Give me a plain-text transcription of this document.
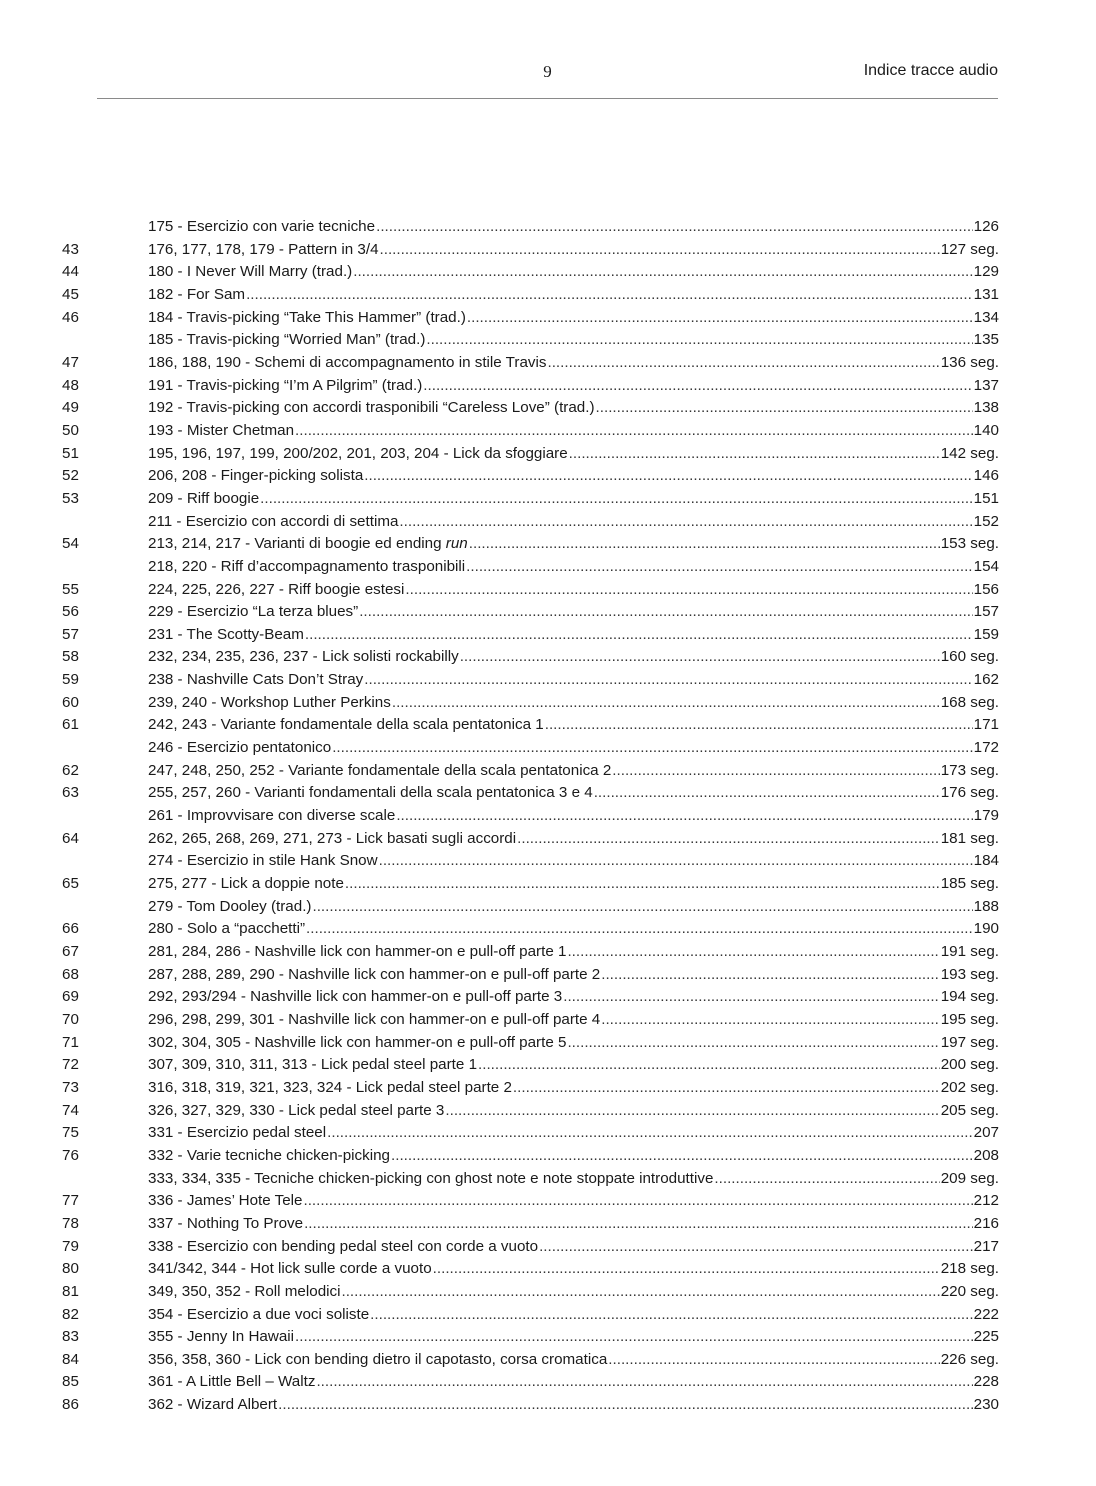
9	Indice tracce audio
175 - Esercizio con varie tecniche .....	126
43	176, 177, 178, 179 - Pattern in 3/4 .....	127 seg.
44	180 - I Never Will Marry (trad.) .....	129
45	182 - For Sam .....	131
46	184 - Travis-picking “Take This Hammer” (trad.) .....	134
185 - Travis-picking “Worried Man” (trad.) .....	135
47	186, 188, 190 - Schemi di accompagnamento in stile Travis .....	136 seg.
48	191 - Travis-picking “I’m A Pilgrim” (trad.) .....	137
49	192 - Travis-picking con accordi trasponibili “Careless Love” (trad.) .....	138
50	193 - Mister Chetman .....	140
51	195, 196, 197, 199, 200/202, 201, 203, 204 - Lick da sfoggiare .....	142 seg.
52	206, 208 - Finger-picking solista .....	146
53	209 - Riff boogie .....	151
211 - Esercizio con accordi di settima .....	152
54	213, 214, 217 - Varianti di boogie ed ending run .....	153 seg.
218, 220 - Riff d’accompagnamento trasponibili .....	154
55	224, 225, 226, 227 - Riff boogie estesi .....	156
56	229 - Esercizio “La terza blues” .....	157
57	231 - The Scotty-Beam .....	159
58	232, 234, 235, 236, 237 - Lick solisti rockabilly .....	160 seg.
59	238 - Nashville Cats Don’t Stray .....	162
60	239, 240 - Workshop Luther Perkins .....	168 seg.
61	242, 243 - Variante fondamentale della scala pentatonica 1 .....	171
246 - Esercizio pentatonico .....	172
62	247, 248, 250, 252 - Variante fondamentale della scala pentatonica 2 .....	173 seg.
63	255, 257, 260 - Varianti fondamentali della scala pentatonica 3 e 4 .....	176 seg.
261 - Improvvisare con diverse scale .....	179
64	262, 265, 268, 269, 271, 273 - Lick basati sugli accordi .....	181 seg.
274 - Esercizio in stile Hank Snow .....	184
65	275, 277 - Lick a doppie note .....	185 seg.
279 - Tom Dooley (trad.) .....	188
66	280 - Solo a “pacchetti” .....	190
67	281, 284, 286 - Nashville lick con hammer-on e pull-off parte 1 .....	191 seg.
68	287, 288, 289, 290 - Nashville lick con hammer-on e pull-off parte 2 .....	193 seg.
69	292, 293/294 - Nashville lick con hammer-on e pull-off parte 3 .....	194 seg.
70	296, 298, 299, 301 - Nashville lick con hammer-on e pull-off parte 4 .....	195 seg.
71	302, 304, 305 - Nashville lick con hammer-on e pull-off parte 5 .....	197 seg.
72	307, 309, 310, 311, 313 - Lick pedal steel parte 1 .....	200 seg.
73	316, 318, 319, 321, 323, 324 - Lick pedal steel parte 2 .....	202 seg.
74	326, 327, 329, 330 - Lick pedal steel parte 3 .....	205 seg.
75	331 - Esercizio pedal steel .....	207
76	332 - Varie tecniche chicken-picking .....	208
333, 334, 335 - Tecniche chicken-picking con ghost note e note stoppate introduttive .....	209 seg.
77	336 - James’ Hote Tele .....	212
78	337 - Nothing To Prove .....	216
79	338 - Esercizio con bending pedal steel con corde a vuoto .....	217
80	341/342, 344 - Hot lick sulle corde a vuoto .....	218 seg.
81	349, 350, 352 - Roll melodici .....	220 seg.
82	354 - Esercizio a due voci soliste .....	222
83	355 - Jenny In Hawaii .....	225
84	356, 358, 360 - Lick con bending dietro il capotasto, corsa cromatica .....	226 seg.
85	361 - A Little Bell – Waltz .....	228
86	362 - Wizard Albert .....	230
